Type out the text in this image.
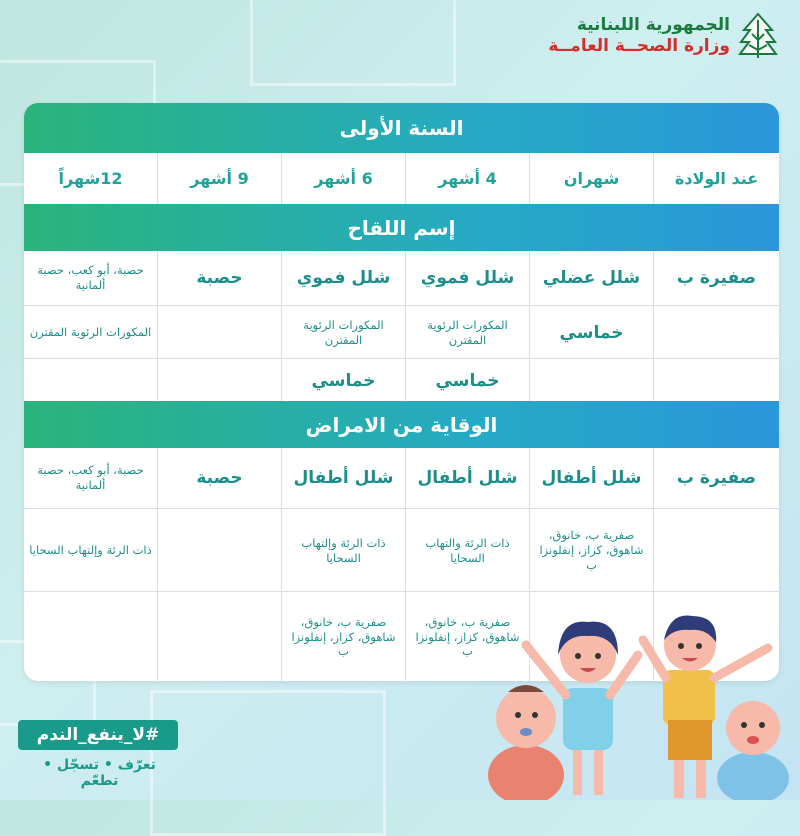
الجمهورية اللبنانية
وزارة الصحــة العامــة
السنة الأولى
عند الولادة
شهران
4 أشهر
6 أشهر
9 أشهر
12شهراً
إسم اللقاح
صفيرة ب
شلل عضلي
شلل فموي
شلل فموي
حصبة
حصبة، أبو كعب، حصبة ألمانية
خماسي
المكورات الرئوية المقترن
المكورات الرئوية المقترن
المكورات الرئوية المقترن
خماسي
خماسي
الوقاية من الامراض
صفيرة ب
شلل أطفال
شلل أطفال
شلل أطفال
حصبة
حصبة، أبو كعب، حصبة ألمانية
صفرية ب، خانوق، شاهوق، كزاز، إنفلونزا ب
ذات الرئة والتهاب السحايا
ذات الرئة وإلتهاب السحايا
ذات الرئة وإلتهاب السحايا
صفرية ب، خانوق، شاهوق، كزاز، إنفلونزا ب
صفرية ب، خانوق، شاهوق، كزاز، إنفلونزا ب
#لا_ينفع_الندم
تعرّف • تسجّل • تطعّم
